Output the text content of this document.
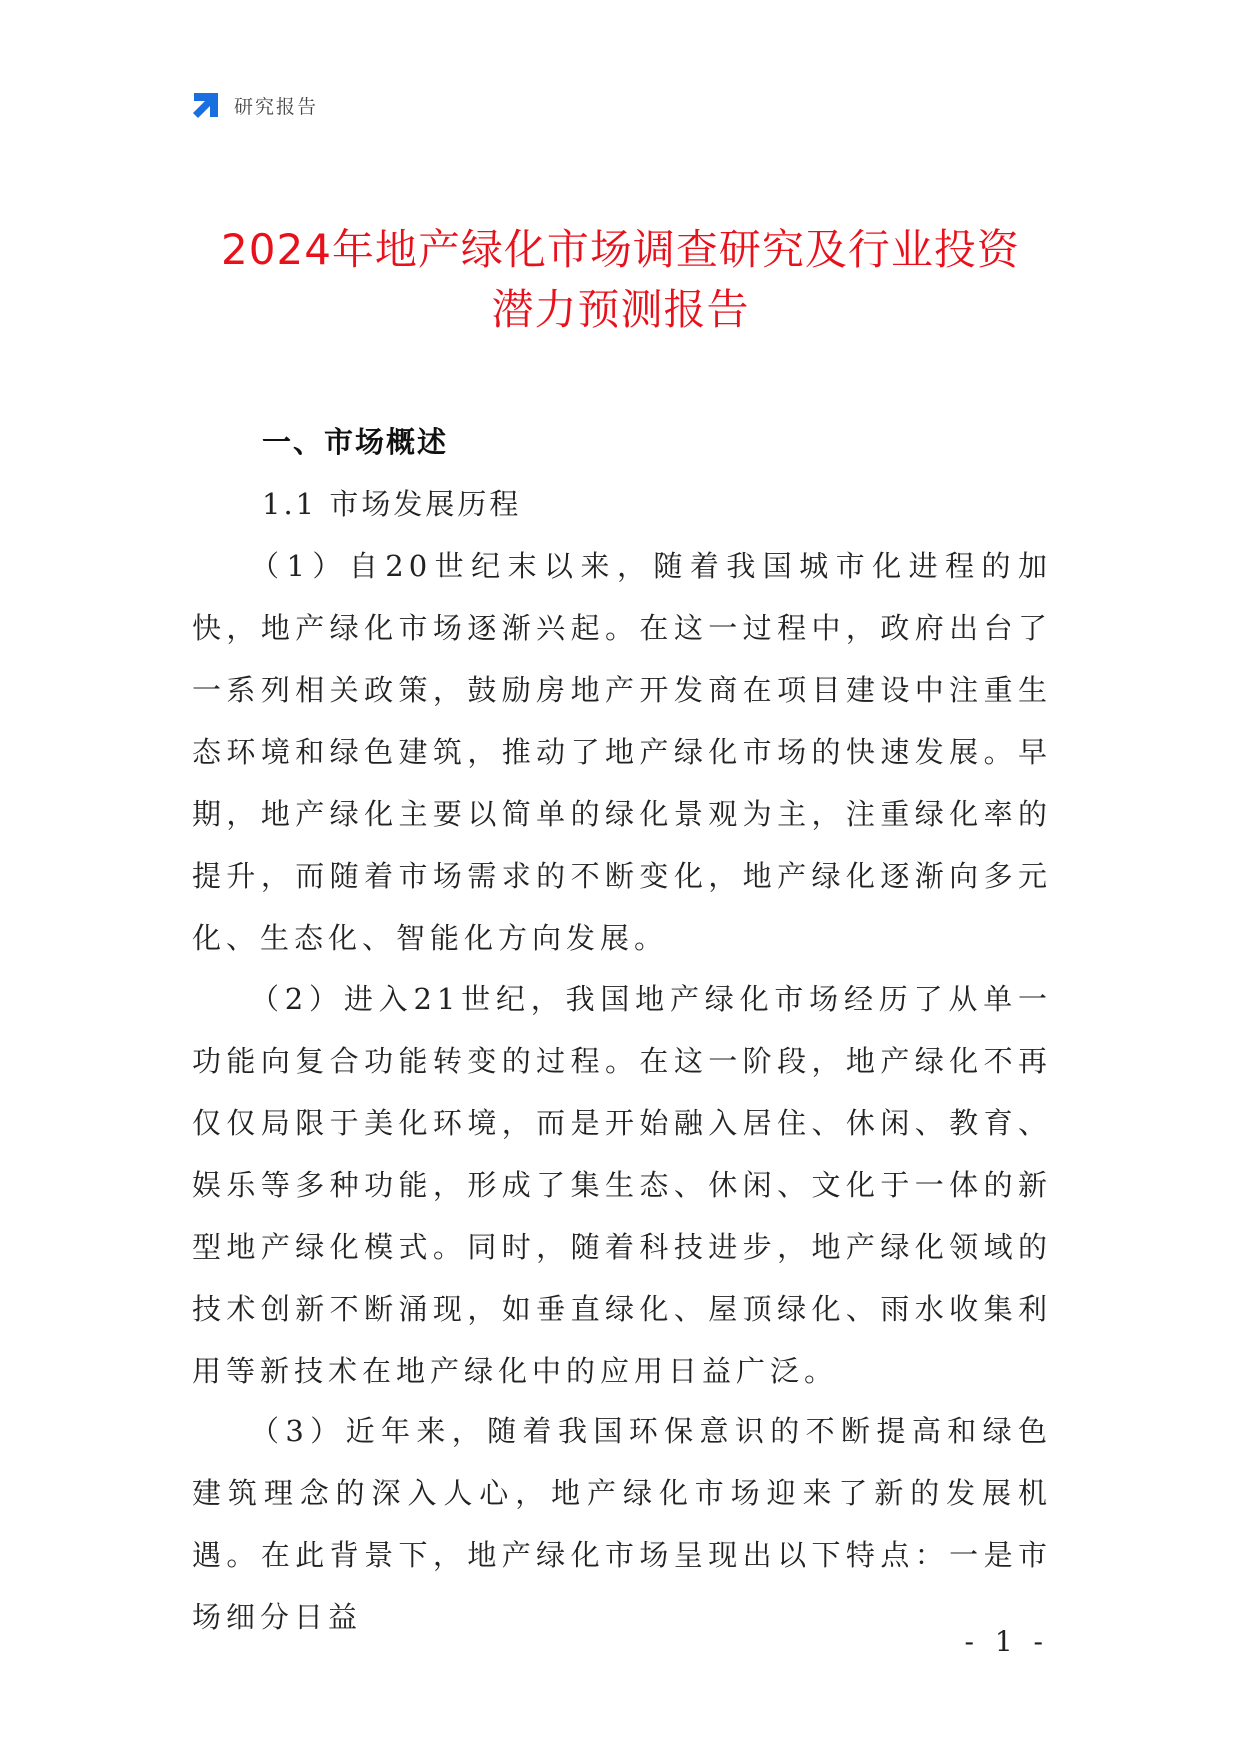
研究报告
2024年地产绿化市场调查研究及行业投资
潜力预测报告
一、市场概述
1.1 市场发展历程

（1）自20世纪末以来，随着我国城市化进程的加快，地产绿化市场逐渐兴起。在这一过程中，政府出台了一系列相关政策，鼓励房地产开发商在项目建设中注重生态环境和绿色建筑，推动了地产绿化市场的快速发展。早期，地产绿化主要以简单的绿化景观为主，注重绿化率的提升，而随着市场需求的不断变化，地产绿化逐渐向多元化、生态化、智能化方向发展。

（2）进入21世纪，我国地产绿化市场经历了从单一功能向复合功能转变的过程。在这一阶段，地产绿化不再仅仅局限于美化环境，而是开始融入居住、休闲、教育、娱乐等多种功能，形成了集生态、休闲、文化于一体的新型地产绿化模式。同时，随着科技进步，地产绿化领域的技术创新不断涌现，如垂直绿化、屋顶绿化、雨水收集利用等新技术在地产绿化中的应用日益广泛。

（3）近年来，随着我国环保意识的不断提高和绿色建筑理念的深入人心，地产绿化市场迎来了新的发展机遇。在此背景下，地产绿化市场呈现出以下特点：一是市场细分日益

- 1 -
